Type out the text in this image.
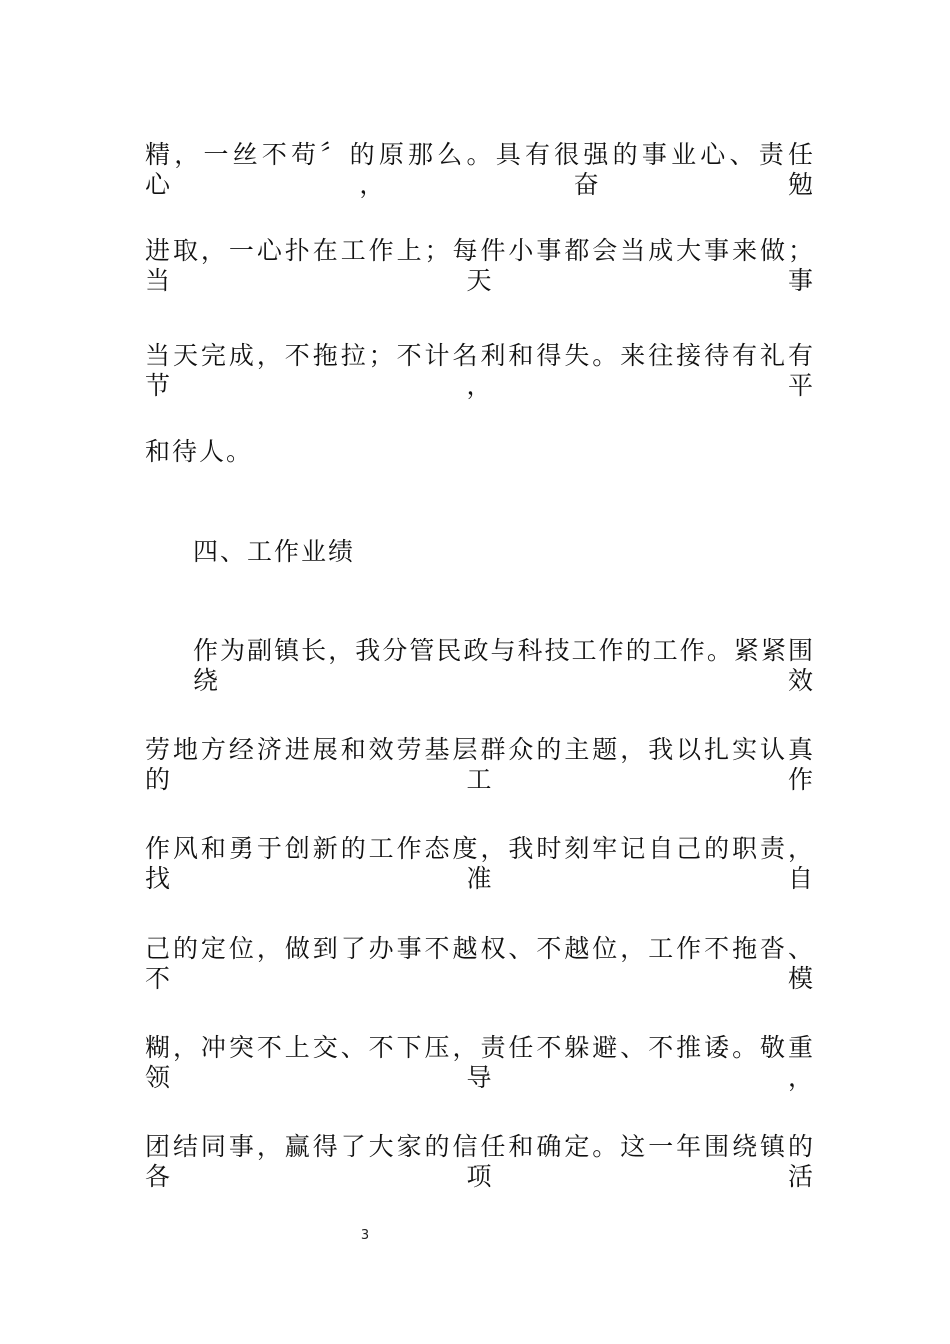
精，一丝不苟〞的原那么。具有很强的事业心、责任心，奋勉
进取，一心扑在工作上；每件小事都会当成大事来做；当天事
当天完成，不拖拉；不计名利和得失。来往接待有礼有节，平
和待人。
四、工作业绩
作为副镇长，我分管民政与科技工作的工作。紧紧围绕效
劳地方经济进展和效劳基层群众的主题，我以扎实认真的工作
作风和勇于创新的工作态度，我时刻牢记自己的职责，找准自
己的定位，做到了办事不越权、不越位，工作不拖沓、不模
糊，冲突不上交、不下压，责任不躲避、不推诿。敬重领导，
团结同事，赢得了大家的信任和确定。这一年围绕镇的各项活
3
